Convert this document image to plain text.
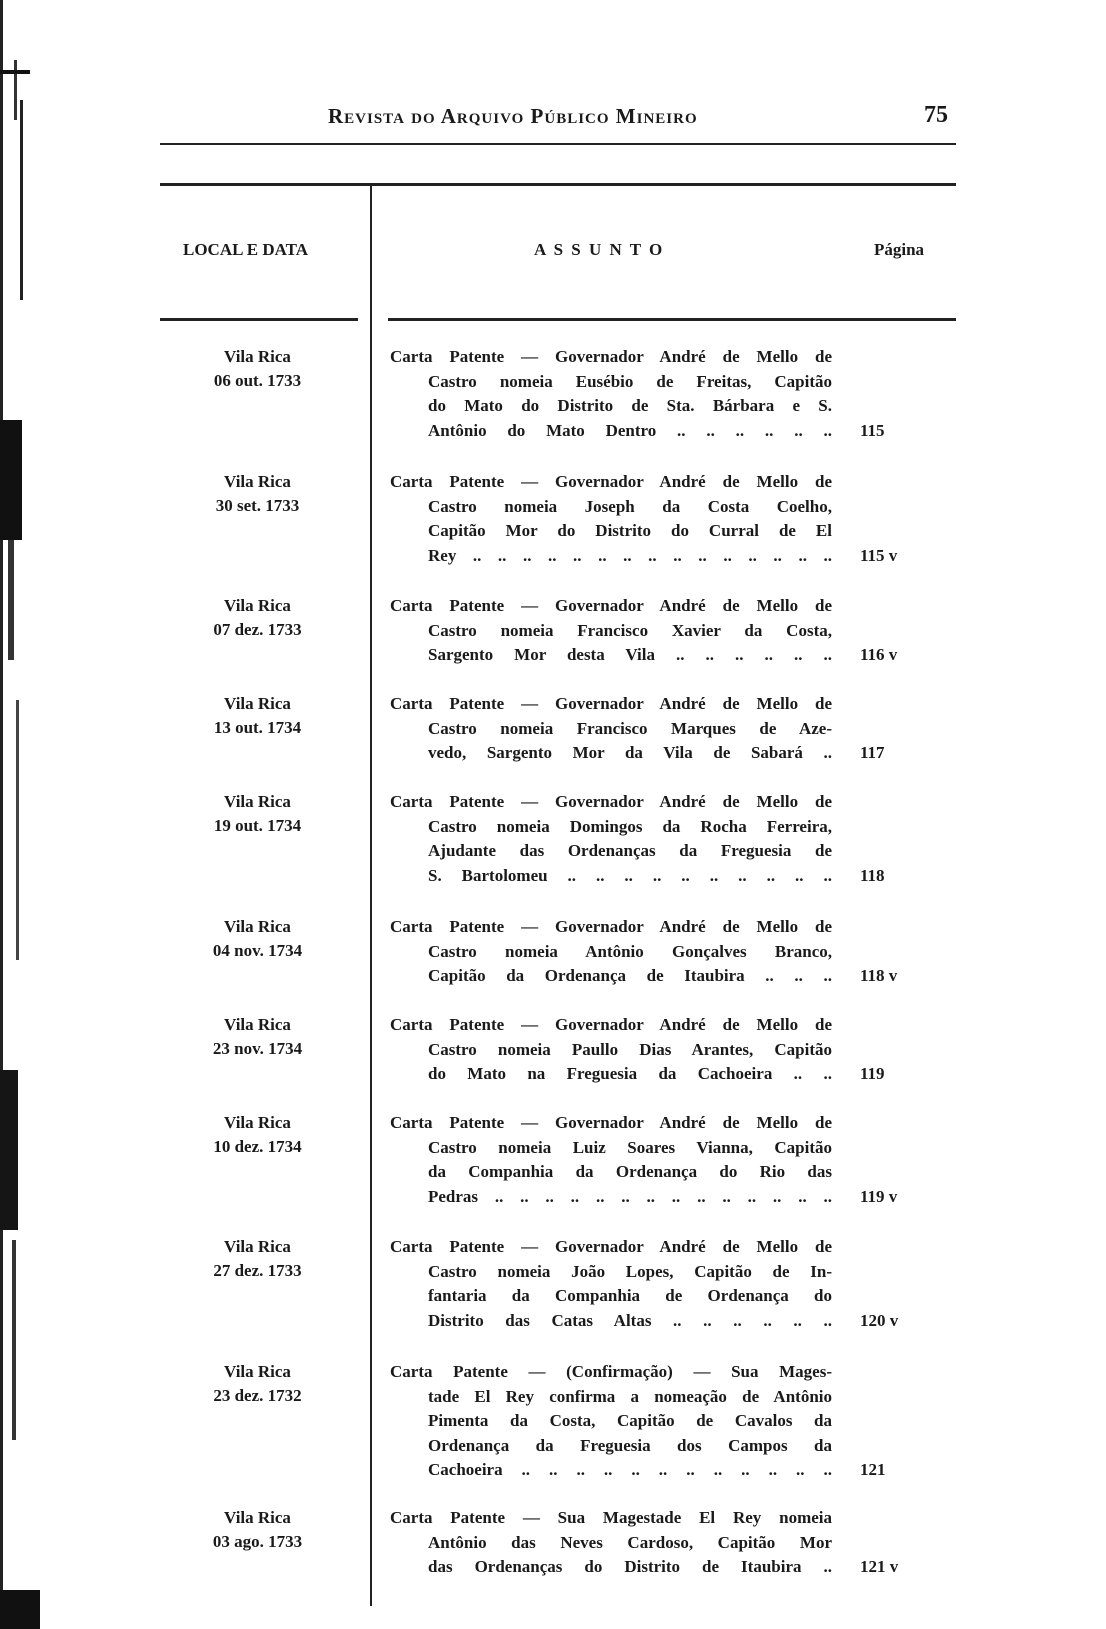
Revista do Arquivo Público Mineiro	75
LOCAL E DATA	A S S U N T O	Página
Vila Rica
06 out. 1733
Carta Patente — Governador André de Mello de
Castro nomeia Eusébio de Freitas, Capitão
do Mato do Distrito de Sta. Bárbara e S.
Antônio do Mato Dentro .. .. .. .. .. .. 115
Vila Rica
30 set. 1733
Carta Patente — Governador André de Mello de
Castro nomeia Joseph da Costa Coelho,
Capitão Mor do Distrito do Curral de El
Rey .. .. .. .. .. .. .. .. .. .. .. .. .. .. .. 115 v
Vila Rica
07 dez. 1733
Carta Patente — Governador André de Mello de
Castro nomeia Francisco Xavier da Costa,
Sargento Mor desta Vila .. .. .. .. .. .. 116 v
Vila Rica
13 out. 1734
Carta Patente — Governador André de Mello de
Castro nomeia Francisco Marques de Aze-
vedo, Sargento Mor da Vila de Sabará .. 117
Vila Rica
19 out. 1734
Carta Patente — Governador André de Mello de
Castro nomeia Domingos da Rocha Ferreira,
Ajudante das Ordenanças da Freguesia de
S. Bartolomeu .. .. .. .. .. .. .. .. .. .. 118
Vila Rica
04 nov. 1734
Carta Patente — Governador André de Mello de
Castro nomeia Antônio Gonçalves Branco,
Capitão da Ordenança de Itaubira .. .. .. 118 v
Vila Rica
23 nov. 1734
Carta Patente — Governador André de Mello de
Castro nomeia Paullo Dias Arantes, Capitão
do Mato na Freguesia da Cachoeira .. .. 119
Vila Rica
10 dez. 1734
Carta Patente — Governador André de Mello de
Castro nomeia Luiz Soares Vianna, Capitão
da Companhia da Ordenança do Rio das
Pedras .. .. .. .. .. .. .. .. .. .. .. .. .. .. 119 v
Vila Rica
27 dez. 1733
Carta Patente — Governador André de Mello de
Castro nomeia João Lopes, Capitão de In-
fantaria da Companhia de Ordenança do
Distrito das Catas Altas .. .. .. .. .. .. 120 v
Vila Rica
23 dez. 1732
Carta Patente — (Confirmação) — Sua Mages-
tade El Rey confirma a nomeação de Antônio
Pimenta da Costa, Capitão de Cavalos da
Ordenança da Freguesia dos Campos da
Cachoeira .. .. .. .. .. .. .. .. .. .. .. .. 121
Vila Rica
03 ago. 1733
Carta Patente — Sua Magestade El Rey nomeia
Antônio das Neves Cardoso, Capitão Mor
das Ordenanças do Distrito de Itaubira .. 121 v
